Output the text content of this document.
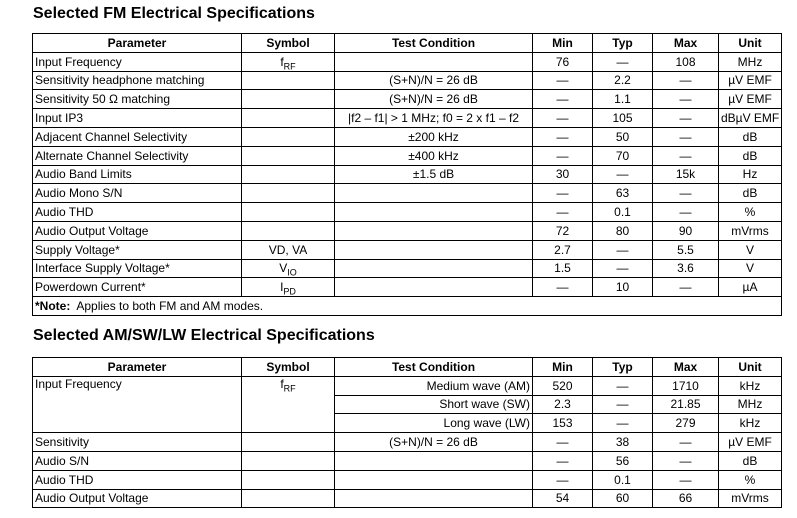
Selected FM Electrical Specifications
Parameter	Symbol	Test Condition	Min	Typ	Max	Unit
Input Frequency	$f_{RF}$		76	—	108	MHz
Sensitivity headphone matching		(S+N)/N = 26 dB	—	2.2	—	µV EMF
Sensitivity 50 Ω matching		(S+N)/N = 26 dB	—	1.1	—	µV EMF
Input IP3		|f2 – f1| > 1 MHz; f0 = 2 x f1 – f2	—	105	—	dBµV EMF
Adjacent Channel Selectivity		±200 kHz	—	50	—	dB
Alternate Channel Selectivity		±400 kHz	—	70	—	dB
Audio Band Limits		±1.5 dB	30	—	15k	Hz
Audio Mono S/N			—	63	—	dB
Audio THD			—	0.1	—	%
Audio Output Voltage			72	80	90	mVrms
Supply Voltage*	VD, VA		2.7	—	5.5	V
Interface Supply Voltage*	$V_{IO}$		1.5	—	3.6	V
Powerdown Current*	$I_{PD}$		—	10	—	µA
*Note:  Applies to both FM and AM modes.						
Selected AM/SW/LW Electrical Specifications
Parameter	Symbol	Test Condition	Min	Typ	Max	Unit
Input Frequency	$f_{RF}$	Medium wave (AM)	520	—	1710	kHz
		Short wave (SW)	2.3	—	21.85	MHz
		Long wave (LW)	153	—	279	kHz
Sensitivity		(S+N)/N = 26 dB	—	38	—	µV EMF
Audio S/N			—	56	—	dB
Audio THD			—	0.1	—	%
Audio Output Voltage			54	60	66	mVrms
